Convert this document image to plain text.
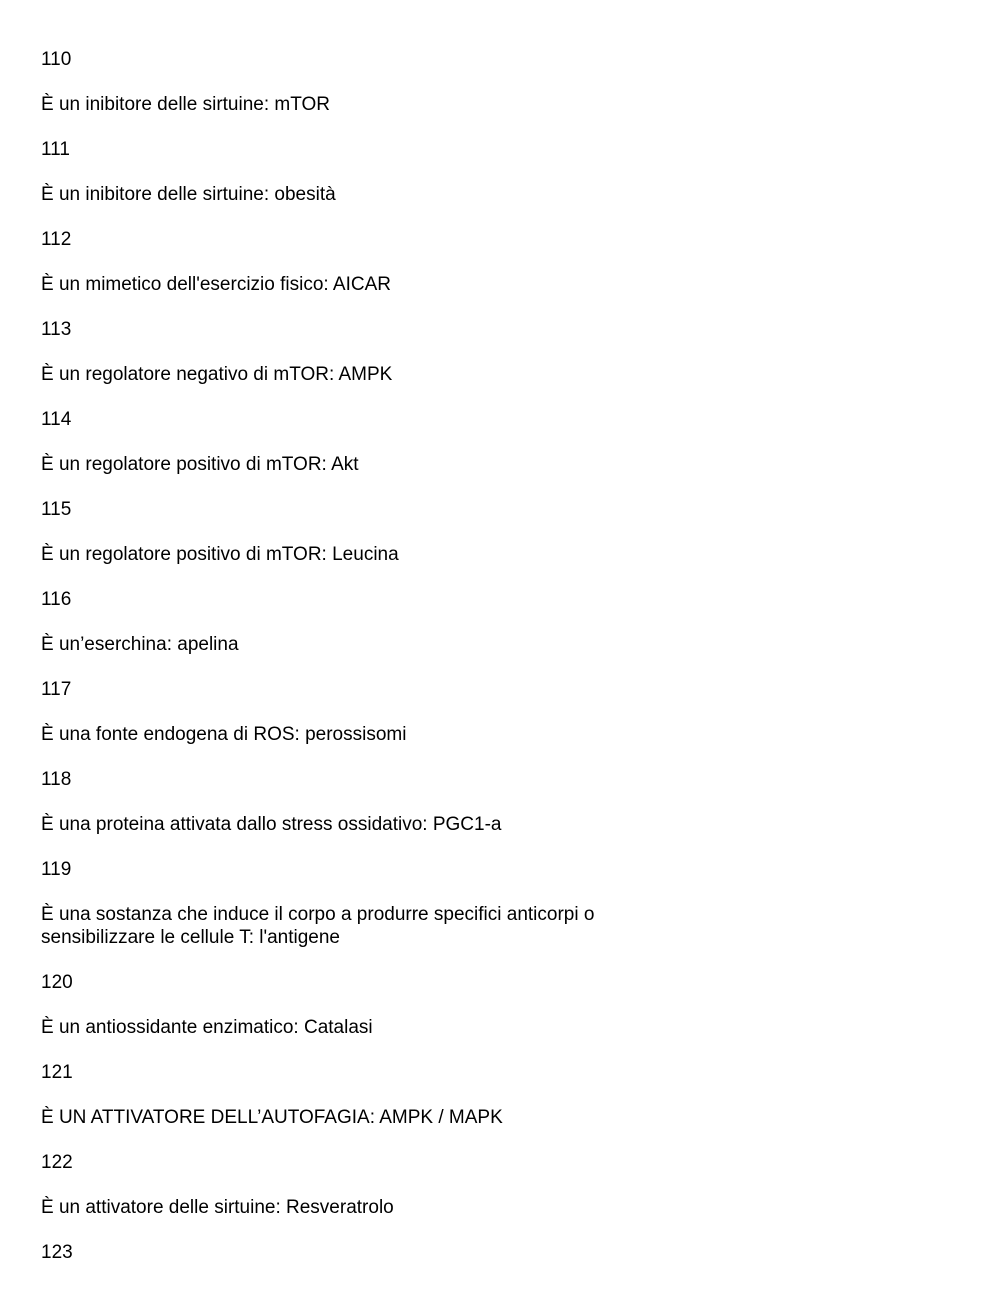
110
È un inibitore delle sirtuine: mTOR
111
È un inibitore delle sirtuine: obesità
112
È un mimetico dell'esercizio fisico: AICAR
113
È un regolatore negativo di mTOR: AMPK
114
È un regolatore positivo di mTOR: Akt
115
È un regolatore positivo di mTOR: Leucina
116
È un’eserchina: apelina
117
È una fonte endogena di ROS: perossisomi
118
È una proteina attivata dallo stress ossidativo: PGC1-a
119
È una sostanza che induce il corpo a produrre specifici anticorpi o sensibilizzare le cellule T: l'antigene
120
È un antiossidante enzimatico: Catalasi
121
È UN ATTIVATORE DELL’AUTOFAGIA: AMPK / MAPK
122
È un attivatore delle sirtuine: Resveratrolo
123
